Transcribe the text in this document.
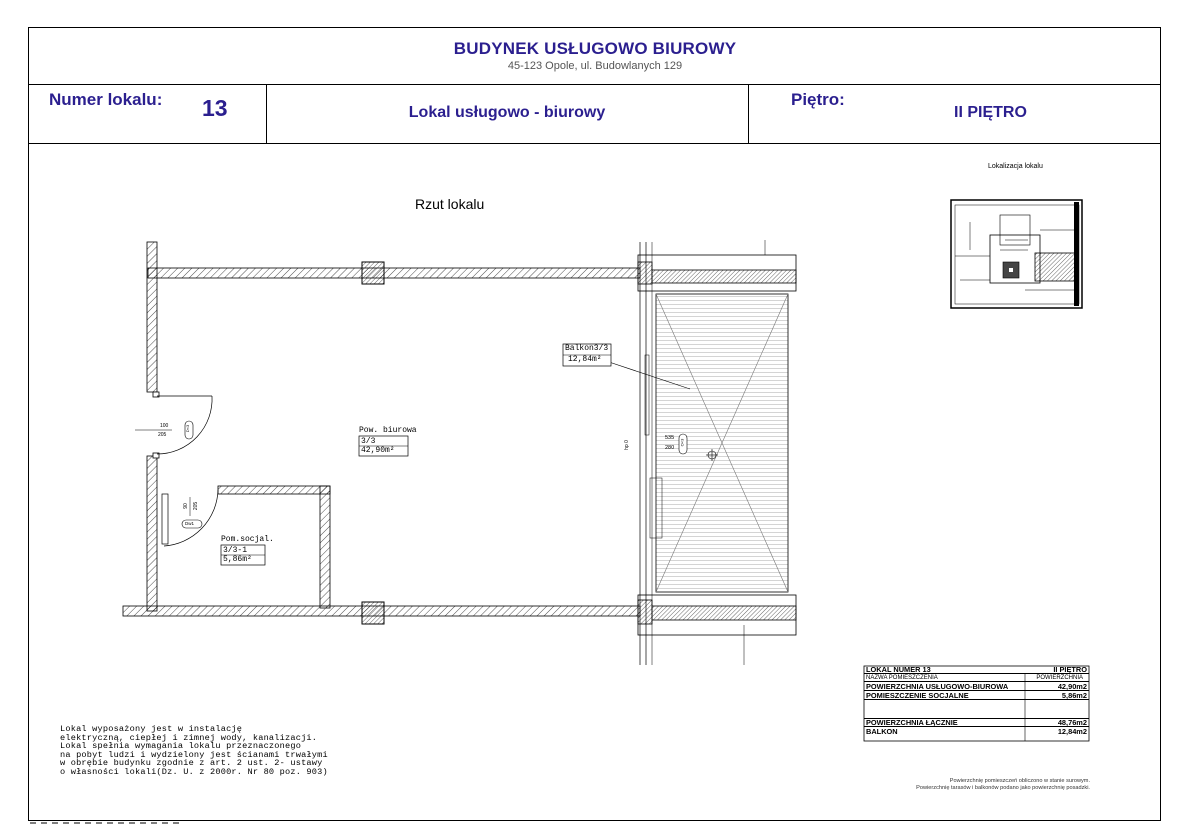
BUDYNEK USŁUGOWO BIUROWY
45-123 Opole, ul. Budowlanych 129
Numer lokalu: 13	Lokal usługowo - biurowy
Piętro:
II PIĘTRO
Rzut lokalu
Lokalizacja lokalu
Balkon3/3
12,84m²
Pow. biurowa
3/3
42,90m²
Pom.socjal.
3/3-1
5,86m²
100
205
90 205
535
280
hp 0
D<3
Dw1
O<3
LOKAL NUMER 13	II PIĘTRO
NAZWA POMIESZCZENIA	POWIERZCHNIA
POWIERZCHNIA USŁUGOWO-BIUROWA	42,90m2
POMIESZCZENIE SOCJALNE	5,86m2
POWIERZCHNIA ŁĄCZNIE	48,76m2
BALKON	12,84m2
Lokal wyposażony jest w instalację
elektryczną, ciepłej i zimnej wody, kanalizacji.
Lokal spełnia wymagania lokalu przeznaczonego
na pobyt ludzi i wydzielony jest ścianami trwałymi
w obrębie budynku zgodnie z art. 2 ust. 2- ustawy
o własności lokali(Dz. U. z 2000r. Nr 80 poz. 903)
Powierzchnię pomieszczeń obliczono w stanie surowym.
Powierzchnię tarasów i balkonów podano jako powierzchnię posadzki.
